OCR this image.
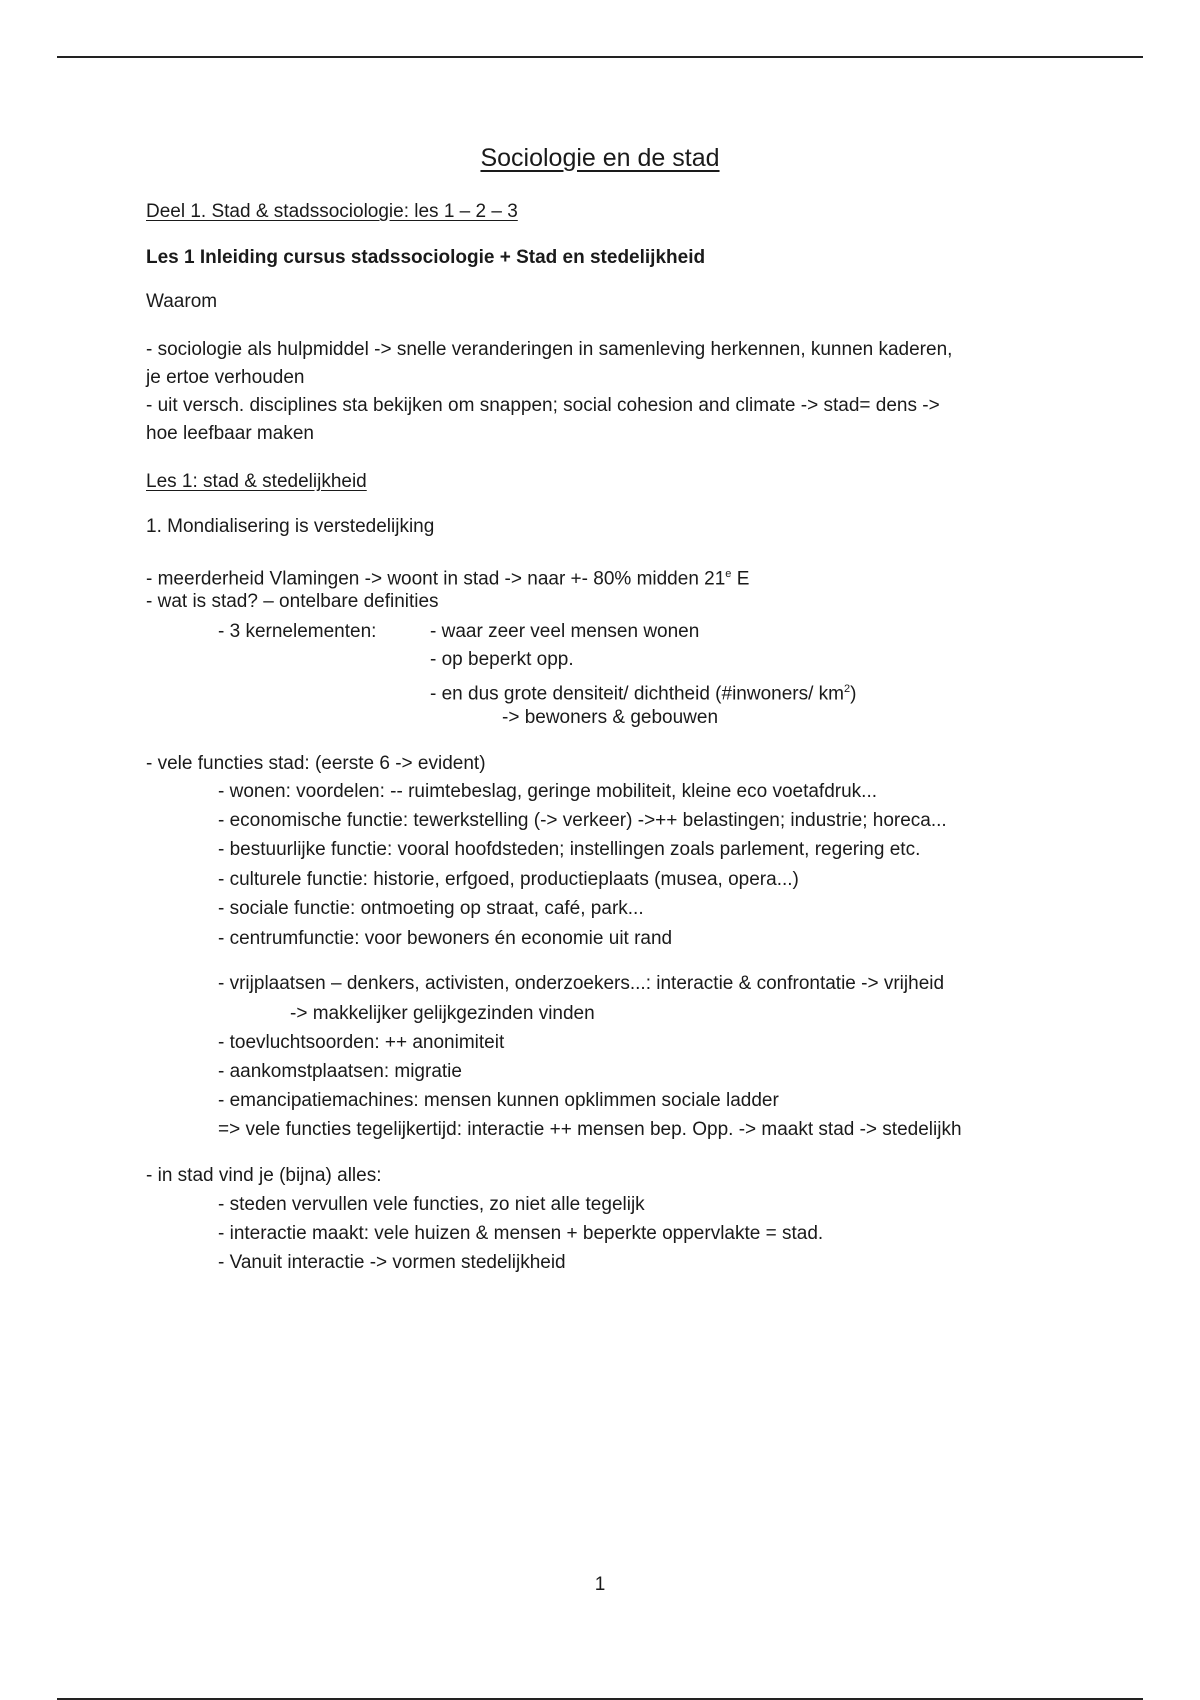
Sociologie en de stad
Deel 1. Stad & stadssociologie: les 1 – 2 – 3
Les 1 Inleiding cursus stadssociologie + Stad en stedelijkheid
Waarom
- sociologie als hulpmiddel -> snelle veranderingen in samenleving herkennen, kunnen kaderen,
je ertoe verhouden
- uit versch. disciplines sta bekijken om snappen; social cohesion and climate -> stad= dens ->
hoe leefbaar maken
Les 1: stad & stedelijkheid
1. Mondialisering is verstedelijking
- meerderheid Vlamingen -> woont in stad -> naar +- 80% midden 21e E
- wat is stad? – ontelbare definities
- 3 kernelementen:	- waar zeer veel mensen wonen
- op beperkt opp.
- en dus grote densiteit/ dichtheid (#inwoners/ $km^2$)
-> bewoners & gebouwen
- vele functies stad: (eerste 6 -> evident)
- wonen: voordelen: -- ruimtebeslag, geringe mobiliteit, kleine eco voetafdruk...
- economische functie: tewerkstelling (-> verkeer) ->++ belastingen; industrie; horeca...
- bestuurlijke functie: vooral hoofdsteden; instellingen zoals parlement, regering etc.
- culturele functie: historie, erfgoed, productieplaats (musea, opera...)
- sociale functie: ontmoeting op straat, café, park...
- centrumfunctie: voor bewoners én economie uit rand
- vrijplaatsen – denkers, activisten, onderzoekers...: interactie & confrontatie -> vrijheid
-> makkelijker gelijkgezinden vinden
- toevluchtsoorden: ++ anonimiteit
- aankomstplaatsen: migratie
- emancipatiemachines: mensen kunnen opklimmen sociale ladder
=> vele functies tegelijkertijd: interactie ++ mensen bep. Opp. -> maakt stad -> stedelijkh
- in stad vind je (bijna) alles:
- steden vervullen vele functies, zo niet alle tegelijk
- interactie maakt: vele huizen & mensen + beperkte oppervlakte = stad.
- Vanuit interactie -> vormen stedelijkheid
1
